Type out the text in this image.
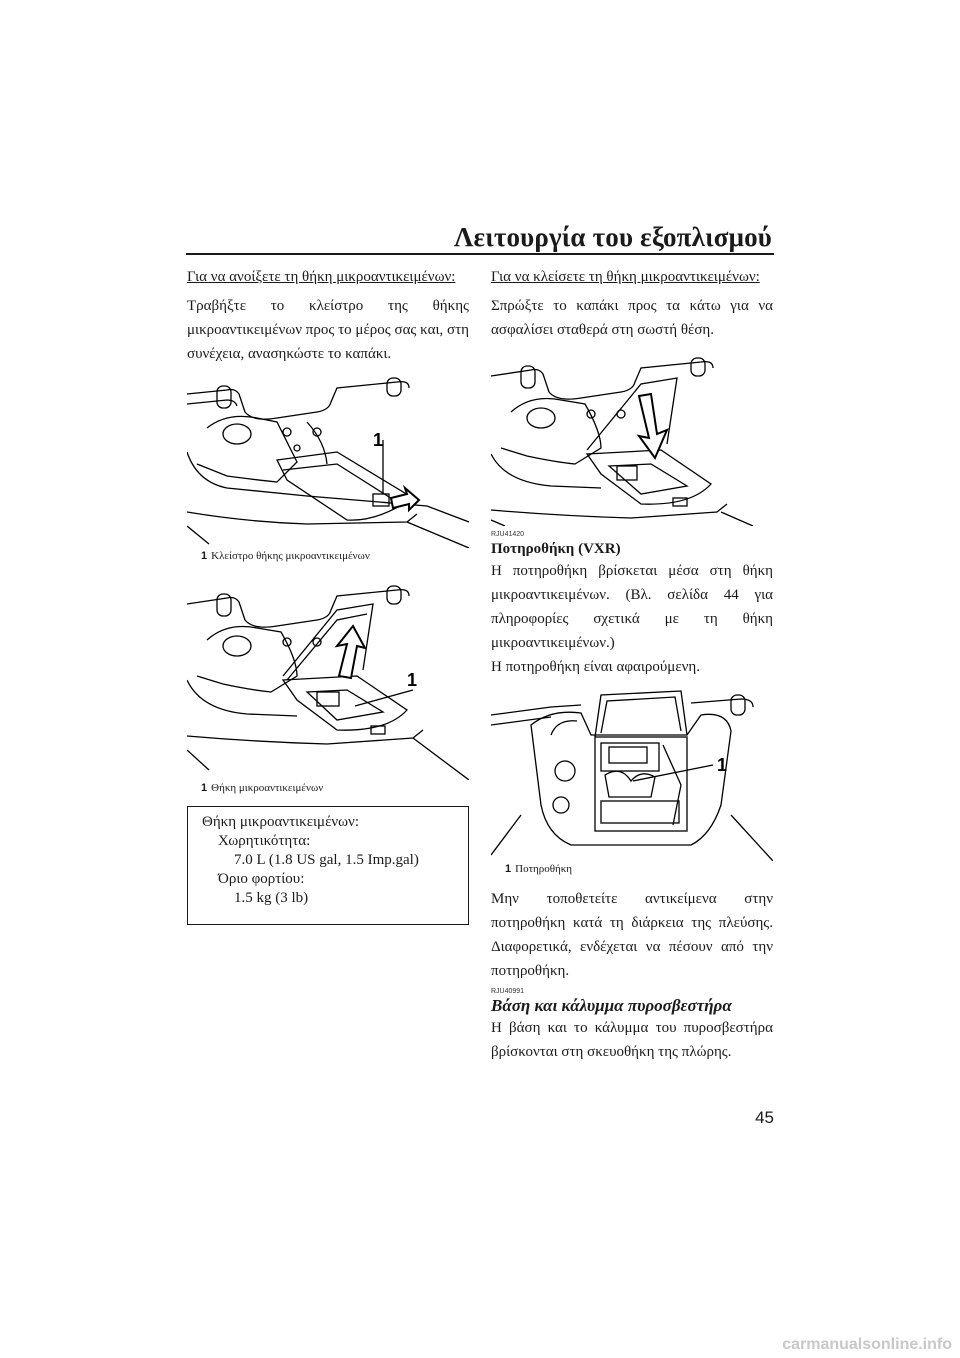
Λειτουργία του εξοπλισμού
Για να ανοίξετε τη θήκη μικροαντικειμένων:
Τραβήξτε το κλείστρο της θήκης μικροαντικειμένων προς το μέρος σας και, στη συνέχεια, ανασηκώστε το καπάκι.
1
1 Κλείστρο θήκης μικροαντικειμένων
1
1 Θήκη μικροαντικειμένων
Θήκη μικροαντικειμένων:
Χωρητικότητα:
7.0 L (1.8 US gal, 1.5 Imp.gal)
Όριο φορτίου:
1.5 kg (3 lb)
Για να κλείσετε τη θήκη μικροαντικειμένων:
Σπρώξτε το καπάκι προς τα κάτω για να ασφαλίσει σταθερά στη σωστή θέση.
RJU41420
Ποτηροθήκη (VXR)
Η ποτηροθήκη βρίσκεται μέσα στη θήκη μικροαντικειμένων. (Βλ. σελίδα 44 για πληροφορίες σχετικά με τη θήκη μικροαντικειμένων.)
Η ποτηροθήκη είναι αφαιρούμενη.
1
1 Ποτηροθήκη
Μην τοποθετείτε αντικείμενα στην ποτηροθήκη κατά τη διάρκεια της πλεύσης. Διαφορετικά, ενδέχεται να πέσουν από την ποτηροθήκη.
RJU40991
Βάση και κάλυμμα πυροσβεστήρα
Η βάση και το κάλυμμα του πυροσβεστήρα βρίσκονται στη σκευοθήκη της πλώρης.
45
carmanualsonline.info
